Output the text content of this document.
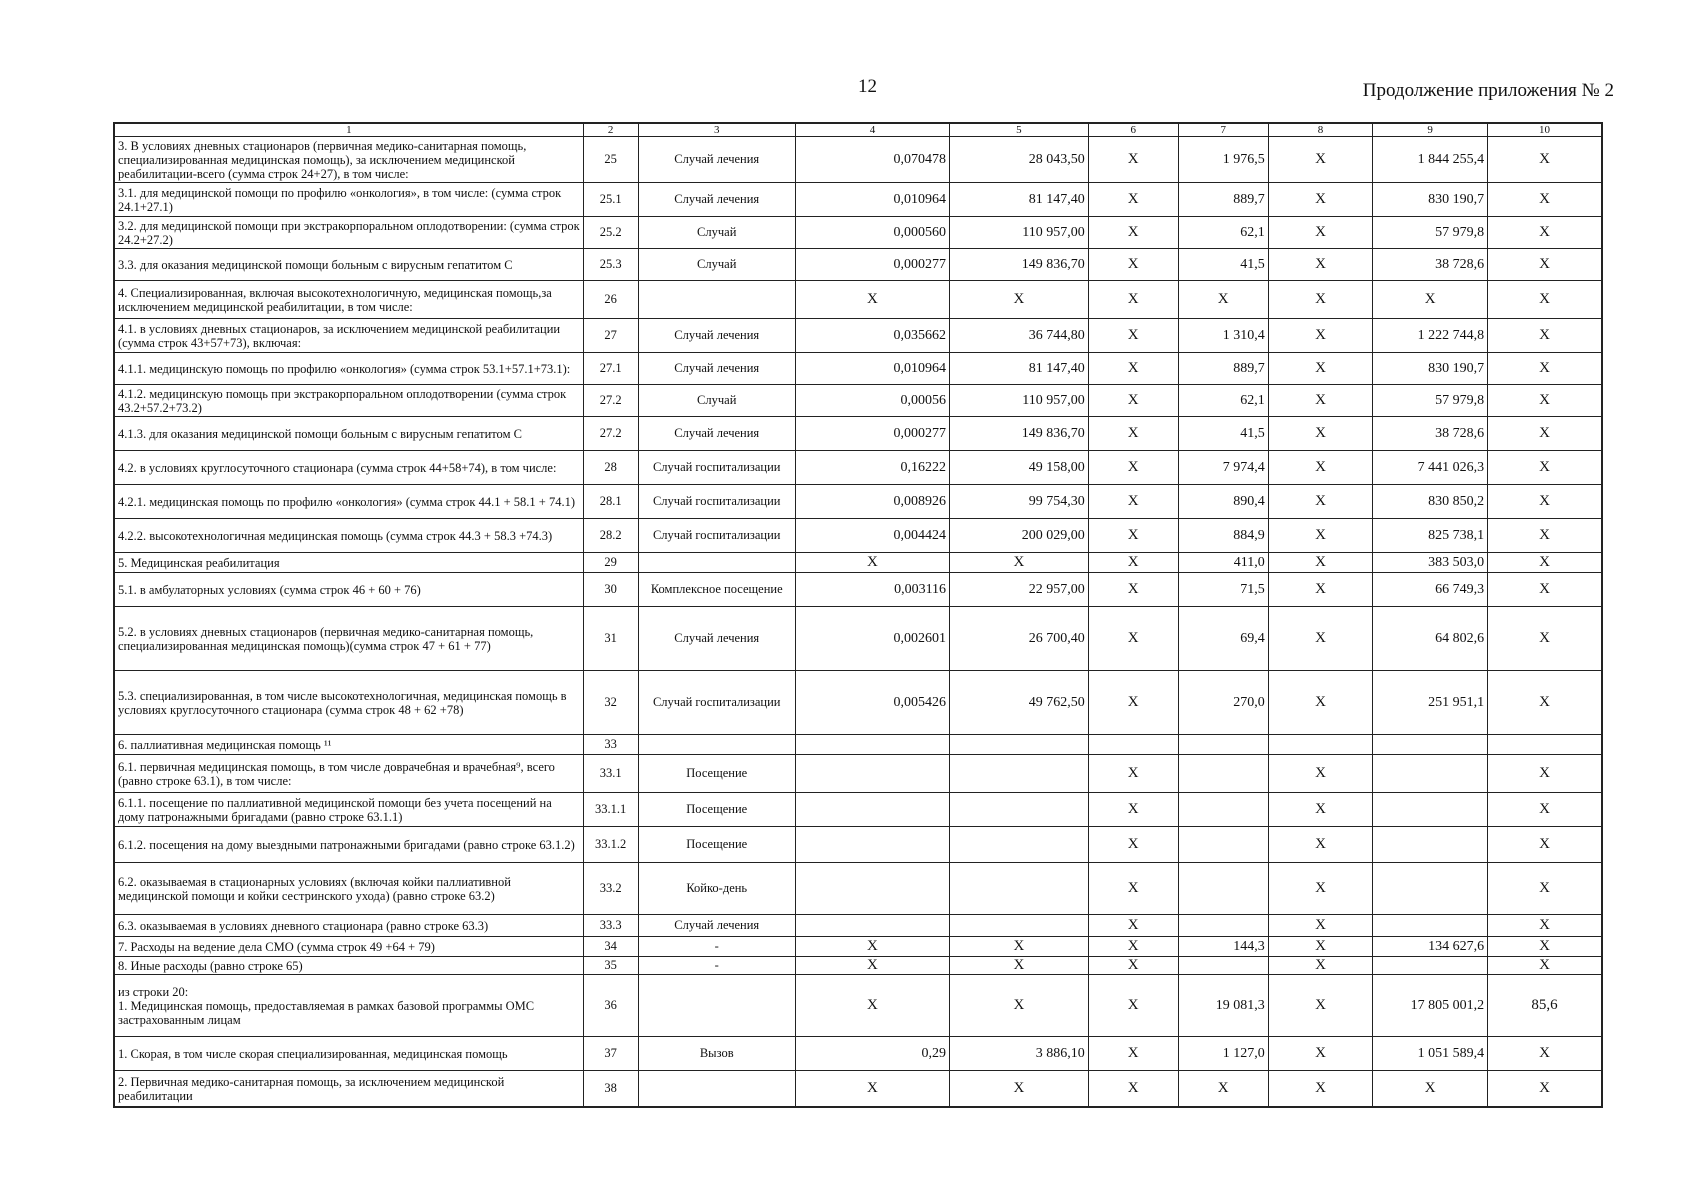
12	Продолжение приложения № 2
1	2	3	4	5	6	7	8	9	10
3. В условиях дневных стационаров (первичная медико-санитарная помощь, специализированная медицинская помощь), за исключением медицинской реабилитации-всего (сумма строк 24+27), в том числе:	25	Случай лечения	0,070478	28 043,50	X	1 976,5	X	1 844 255,4	X
3.1. для медицинской помощи по профилю «онкология», в том числе: (сумма строк 24.1+27.1)	25.1	Случай лечения	0,010964	81 147,40	X	889,7	X	830 190,7	X
3.2. для медицинской помощи при экстракорпоральном оплодотворении: (сумма строк 24.2+27.2)	25.2	Случай	0,000560	110 957,00	X	62,1	X	57 979,8	X
3.3. для оказания медицинской помощи больным с вирусным гепатитом С	25.3	Случай	0,000277	149 836,70	X	41,5	X	38 728,6	X
4. Специализированная, включая высокотехнологичную, медицинская помощь,за исключением медицинской реабилитации, в том числе:	26		X	X	X	X	X	X	X
4.1. в условиях дневных стационаров, за исключением медицинской реабилитации (сумма строк 43+57+73), включая:	27	Случай лечения	0,035662	36 744,80	X	1 310,4	X	1 222 744,8	X
4.1.1. медицинскую помощь по профилю «онкология» (сумма строк 53.1+57.1+73.1):	27.1	Случай лечения	0,010964	81 147,40	X	889,7	X	830 190,7	X
4.1.2. медицинскую помощь при экстракорпоральном оплодотворении (сумма строк 43.2+57.2+73.2)	27.2	Случай	0,00056	110 957,00	X	62,1	X	57 979,8	X
4.1.3. для оказания медицинской помощи больным с вирусным гепатитом С	27.2	Случай лечения	0,000277	149 836,70	X	41,5	X	38 728,6	X
4.2. в условиях круглосуточного стационара (сумма строк 44+58+74), в том числе:	28	Случай госпитализации	0,16222	49 158,00	X	7 974,4	X	7 441 026,3	X
4.2.1. медицинская помощь по профилю «онкология» (сумма строк 44.1 + 58.1 + 74.1)	28.1	Случай госпитализации	0,008926	99 754,30	X	890,4	X	830 850,2	X
4.2.2. высокотехнологичная медицинская помощь (сумма строк 44.3 + 58.3 +74.3)	28.2	Случай госпитализации	0,004424	200 029,00	X	884,9	X	825 738,1	X
5. Медицинская реабилитация	29		X	X	X	411,0	X	383 503,0	X
5.1. в амбулаторных условиях (сумма строк 46 + 60 + 76)	30	Комплексное посещение	0,003116	22 957,00	X	71,5	X	66 749,3	X
5.2. в условиях дневных стационаров (первичная медико-санитарная помощь, специализированная медицинская помощь)(сумма строк 47 + 61 + 77)	31	Случай лечения	0,002601	26 700,40	X	69,4	X	64 802,6	X
5.3. специализированная, в том числе высокотехнологичная, медицинская помощь в условиях круглосуточного стационара (сумма строк 48 + 62 +78)	32	Случай госпитализации	0,005426	49 762,50	X	270,0	X	251 951,1	X
6. паллиативная медицинская помощь ¹¹	33								
6.1. первичная медицинская помощь, в том числе доврачебная и врачебная⁹, всего (равно строке 63.1), в том числе:	33.1	Посещение			X		X		X
6.1.1. посещение по паллиативной медицинской помощи без учета посещений на дому патронажными бригадами (равно строке 63.1.1)	33.1.1	Посещение			X		X		X
6.1.2. посещения на дому выездными патронажными бригадами (равно строке 63.1.2)	33.1.2	Посещение			X		X		X
6.2. оказываемая в стационарных условиях (включая койки паллиативной медицинской помощи и койки сестринского ухода) (равно строке 63.2)	33.2	Койко-день			X		X		X
6.3. оказываемая в условиях дневного стационара (равно строке 63.3)	33.3	Случай лечения			X		X		X
7. Расходы на ведение дела СМО (сумма строк 49 +64 + 79)	34	-	X	X	X	144,3	X	134 627,6	X
8. Иные расходы (равно строке 65)	35	-	X	X	X		X		X
из строки 20:
1. Медицинская помощь, предоставляемая в рамках базовой программы ОМС застрахованным лицам	36		X	X	X	19 081,3	X	17 805 001,2	85,6
1. Скорая, в том числе скорая специализированная, медицинская помощь	37	Вызов	0,29	3 886,10	X	1 127,0	X	1 051 589,4	X
2. Первичная медико-санитарная помощь, за исключением медицинской реабилитации	38		X	X	X	X	X	X	X
